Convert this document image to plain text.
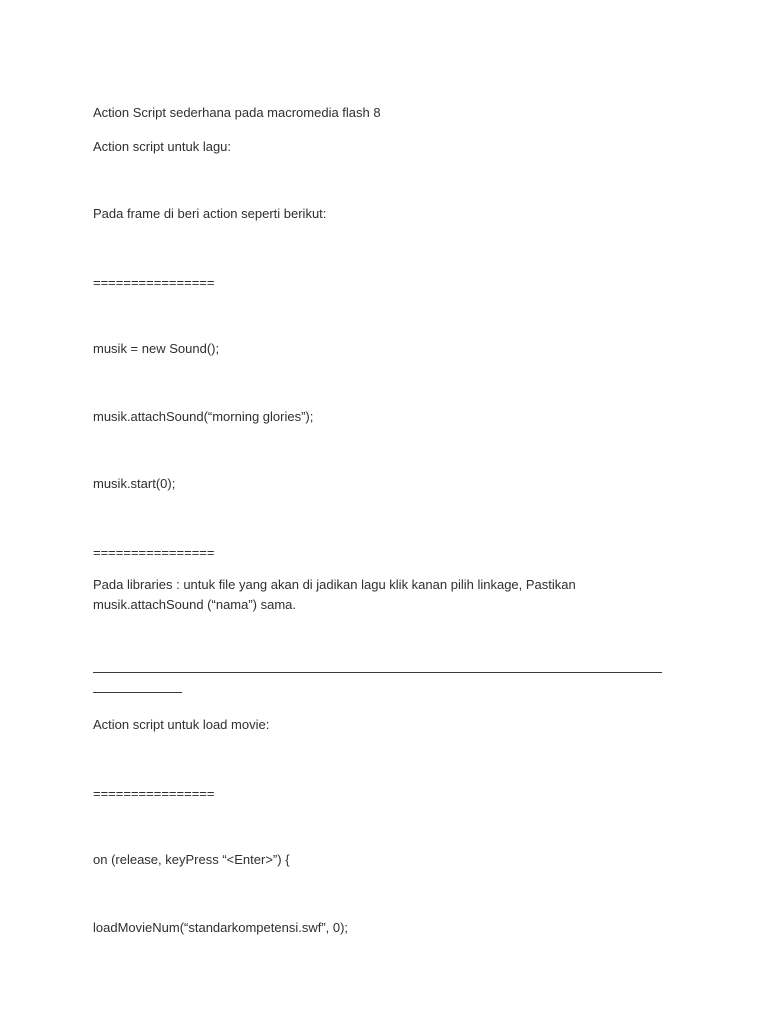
Action Script sederhana pada macromedia flash 8

Action script untuk lagu:

Pada frame di beri action seperti berikut:

================

musik = new Sound();

musik.attachSound(“morning glories”);

musik.start(0);

================

Pada libraries : untuk file yang akan di jadikan lagu klik kanan pilih linkage, Pastikan

musik.attachSound (“nama”) sama.

Action script untuk load movie:

================

on (release, keyPress “<Enter>”) {

loadMovieNum(“standarkompetensi.swf”, 0);
